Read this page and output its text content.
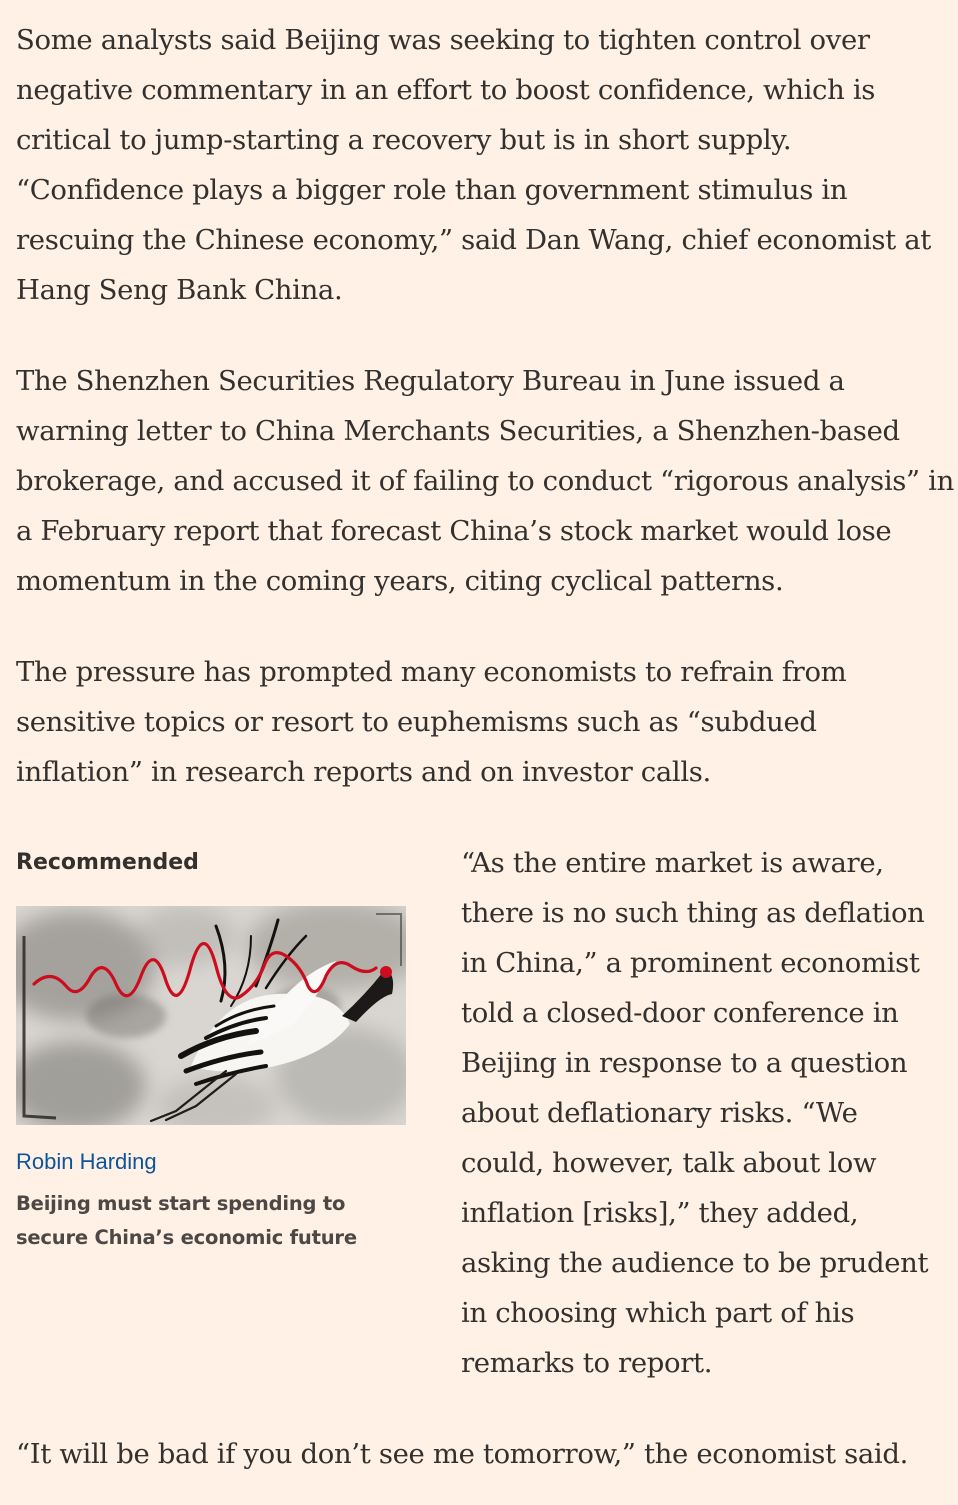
Some analysts said Beijing was seeking to tighten control over negative commentary in an effort to boost confidence, which is critical to jump-starting a recovery but is in short supply. “Confidence plays a bigger role than government stimulus in rescuing the Chinese economy,” said Dan Wang, chief economist at Hang Seng Bank China.

The Shenzhen Securities Regulatory Bureau in June issued a warning letter to China Merchants Securities, a Shenzhen-based brokerage, and accused it of failing to conduct “rigorous analysis” in a February report that forecast China’s stock market would lose momentum in the coming years, citing cyclical patterns.

The pressure has prompted many economists to refrain from sensitive topics or resort to euphemisms such as “subdued inflation” in research reports and on investor calls.

Recommended
Robin Harding
Beijing must start spending to secure China’s economic future

“As the entire market is aware, there is no such thing as deflation in China,” a prominent economist told a closed-door conference in Beijing in response to a question about deflationary risks. “We could, however, talk about low inflation [risks],” they added, asking the audience to be prudent in choosing which part of his remarks to report.

“It will be bad if you don’t see me tomorrow,” the economist said.
